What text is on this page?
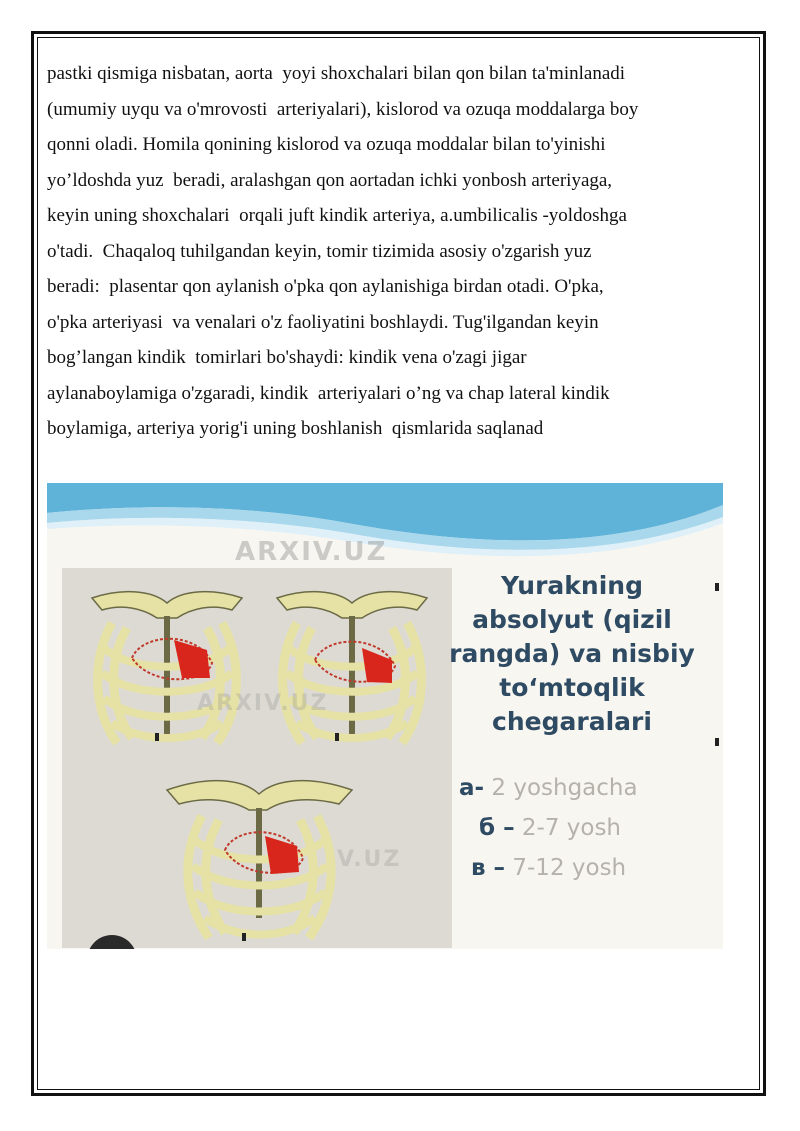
pastki qismiga nisbatan, aorta  yoyi shoxchalari bilan qon bilan ta'minlanadi
(umumiy uyqu va o'mrovosti  arteriyalari), kislorod va ozuqa moddalarga boy
qonni oladi. Homila qonining kislorod va ozuqa moddalar bilan to'yinishi
yo’ldoshda yuz  beradi, aralashgan qon aortadan ichki yonbosh arteriyaga,
keyin uning shoxchalari  orqali juft kindik arteriya, a.umbilicalis -yoldoshga
o'tadi.  Chaqaloq tuhilgandan keyin, tomir tizimida asosiy o'zgarish yuz
beradi:  plasentar qon aylanish o'pka qon aylanishiga birdan otadi. O'pka,
o'pka arteriyasi  va venalari o'z faoliyatini boshlaydi. Tug'ilgandan keyin
bog’langan kindik  tomirlari bo'shaydi: kindik vena o'zagi jigar
aylanaboylamiga o'zgaradi, kindik  arteriyalari o’ng va chap lateral kindik
boylamiga, arteriya yorig'i uning boshlanish  qismlarida saqlanad
ARXIV.UZ
ARXIV.UZ
V.UZ
Yurakning
absolyut (qizil
rangda) va nisbiy
to‘mtoqlik
chegaralari
а- 2 yoshgacha
б – 2-7 yosh
в – 7-12 yosh
